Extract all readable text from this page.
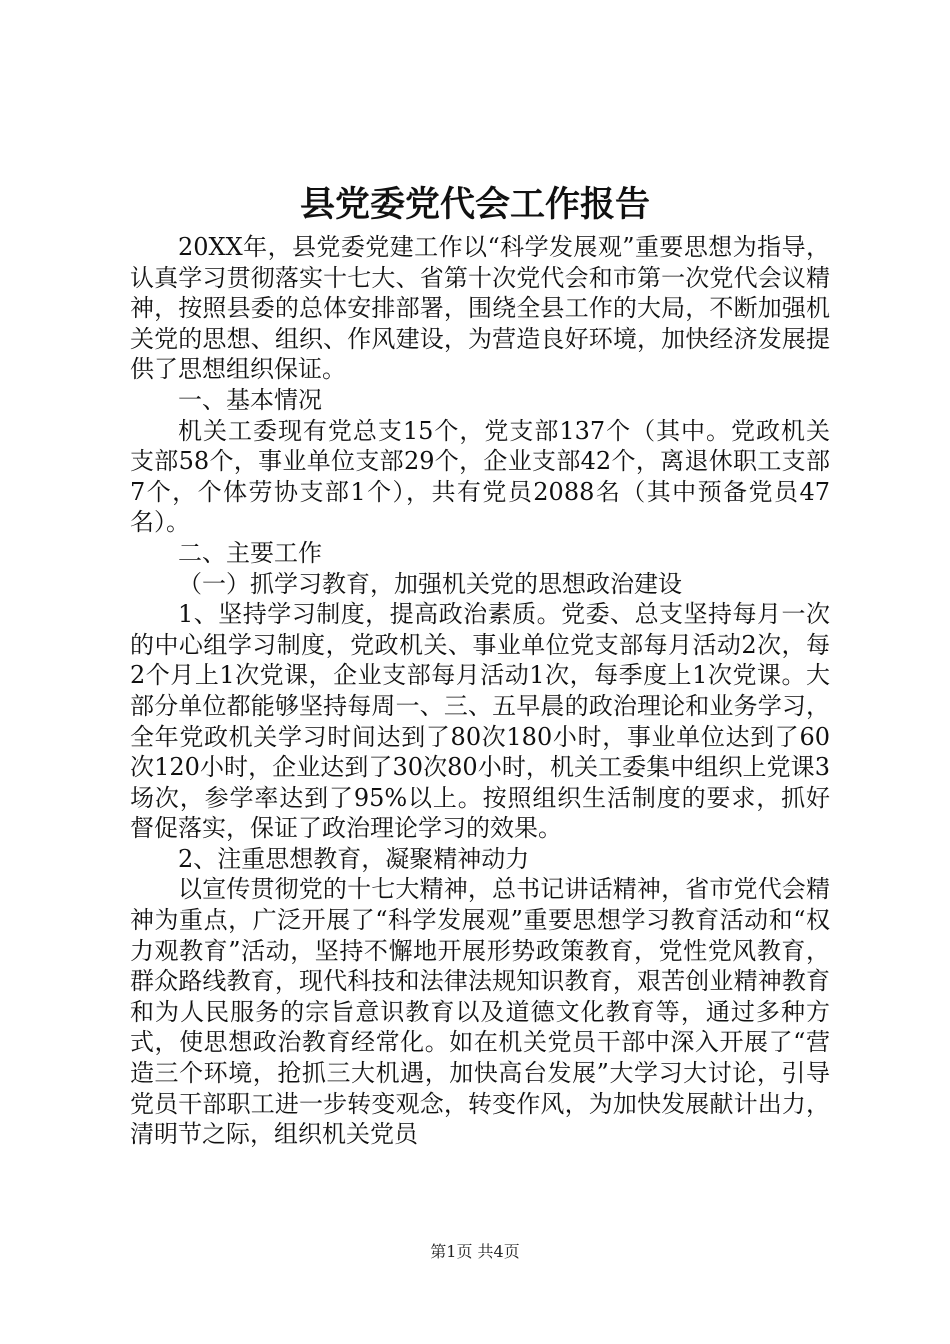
县党委党代会工作报告

20XX年，县党委党建工作以“科学发展观”重要思想为指导，认真学习贯彻落实十七大、省第十次党代会和市第一次党代会议精神，按照县委的总体安排部署，围绕全县工作的大局，不断加强机关党的思想、组织、作风建设，为营造良好环境，加快经济发展提供了思想组织保证。

一、基本情况

机关工委现有党总支15个，党支部137个（其中。党政机关支部58个，事业单位支部29个，企业支部42个，离退休职工支部7个，个体劳协支部1个），共有党员2088名（其中预备党员47名）。

二、主要工作

（一）抓学习教育，加强机关党的思想政治建设

1、坚持学习制度，提高政治素质。党委、总支坚持每月一次的中心组学习制度，党政机关、事业单位党支部每月活动2次，每2个月上1次党课，企业支部每月活动1次，每季度上1次党课。大部分单位都能够坚持每周一、三、五早晨的政治理论和业务学习，全年党政机关学习时间达到了80次180小时，事业单位达到了60次120小时，企业达到了30次80小时，机关工委集中组织上党课3场次，参学率达到了95%以上。按照组织生活制度的要求，抓好督促落实，保证了政治理论学习的效果。

2、注重思想教育，凝聚精神动力

以宣传贯彻党的十七大精神，总书记讲话精神，省市党代会精神为重点，广泛开展了“科学发展观”重要思想学习教育活动和“权力观教育”活动，坚持不懈地开展形势政策教育，党性党风教育，群众路线教育，现代科技和法律法规知识教育，艰苦创业精神教育和为人民服务的宗旨意识教育以及道德文化教育等，通过多种方式，使思想政治教育经常化。如在机关党员干部中深入开展了“营造三个环境，抢抓三大机遇，加快高台发展”大学习大讨论，引导党员干部职工进一步转变观念，转变作风，为加快发展献计出力，清明节之际，组织机关党员

第1页 共4页
